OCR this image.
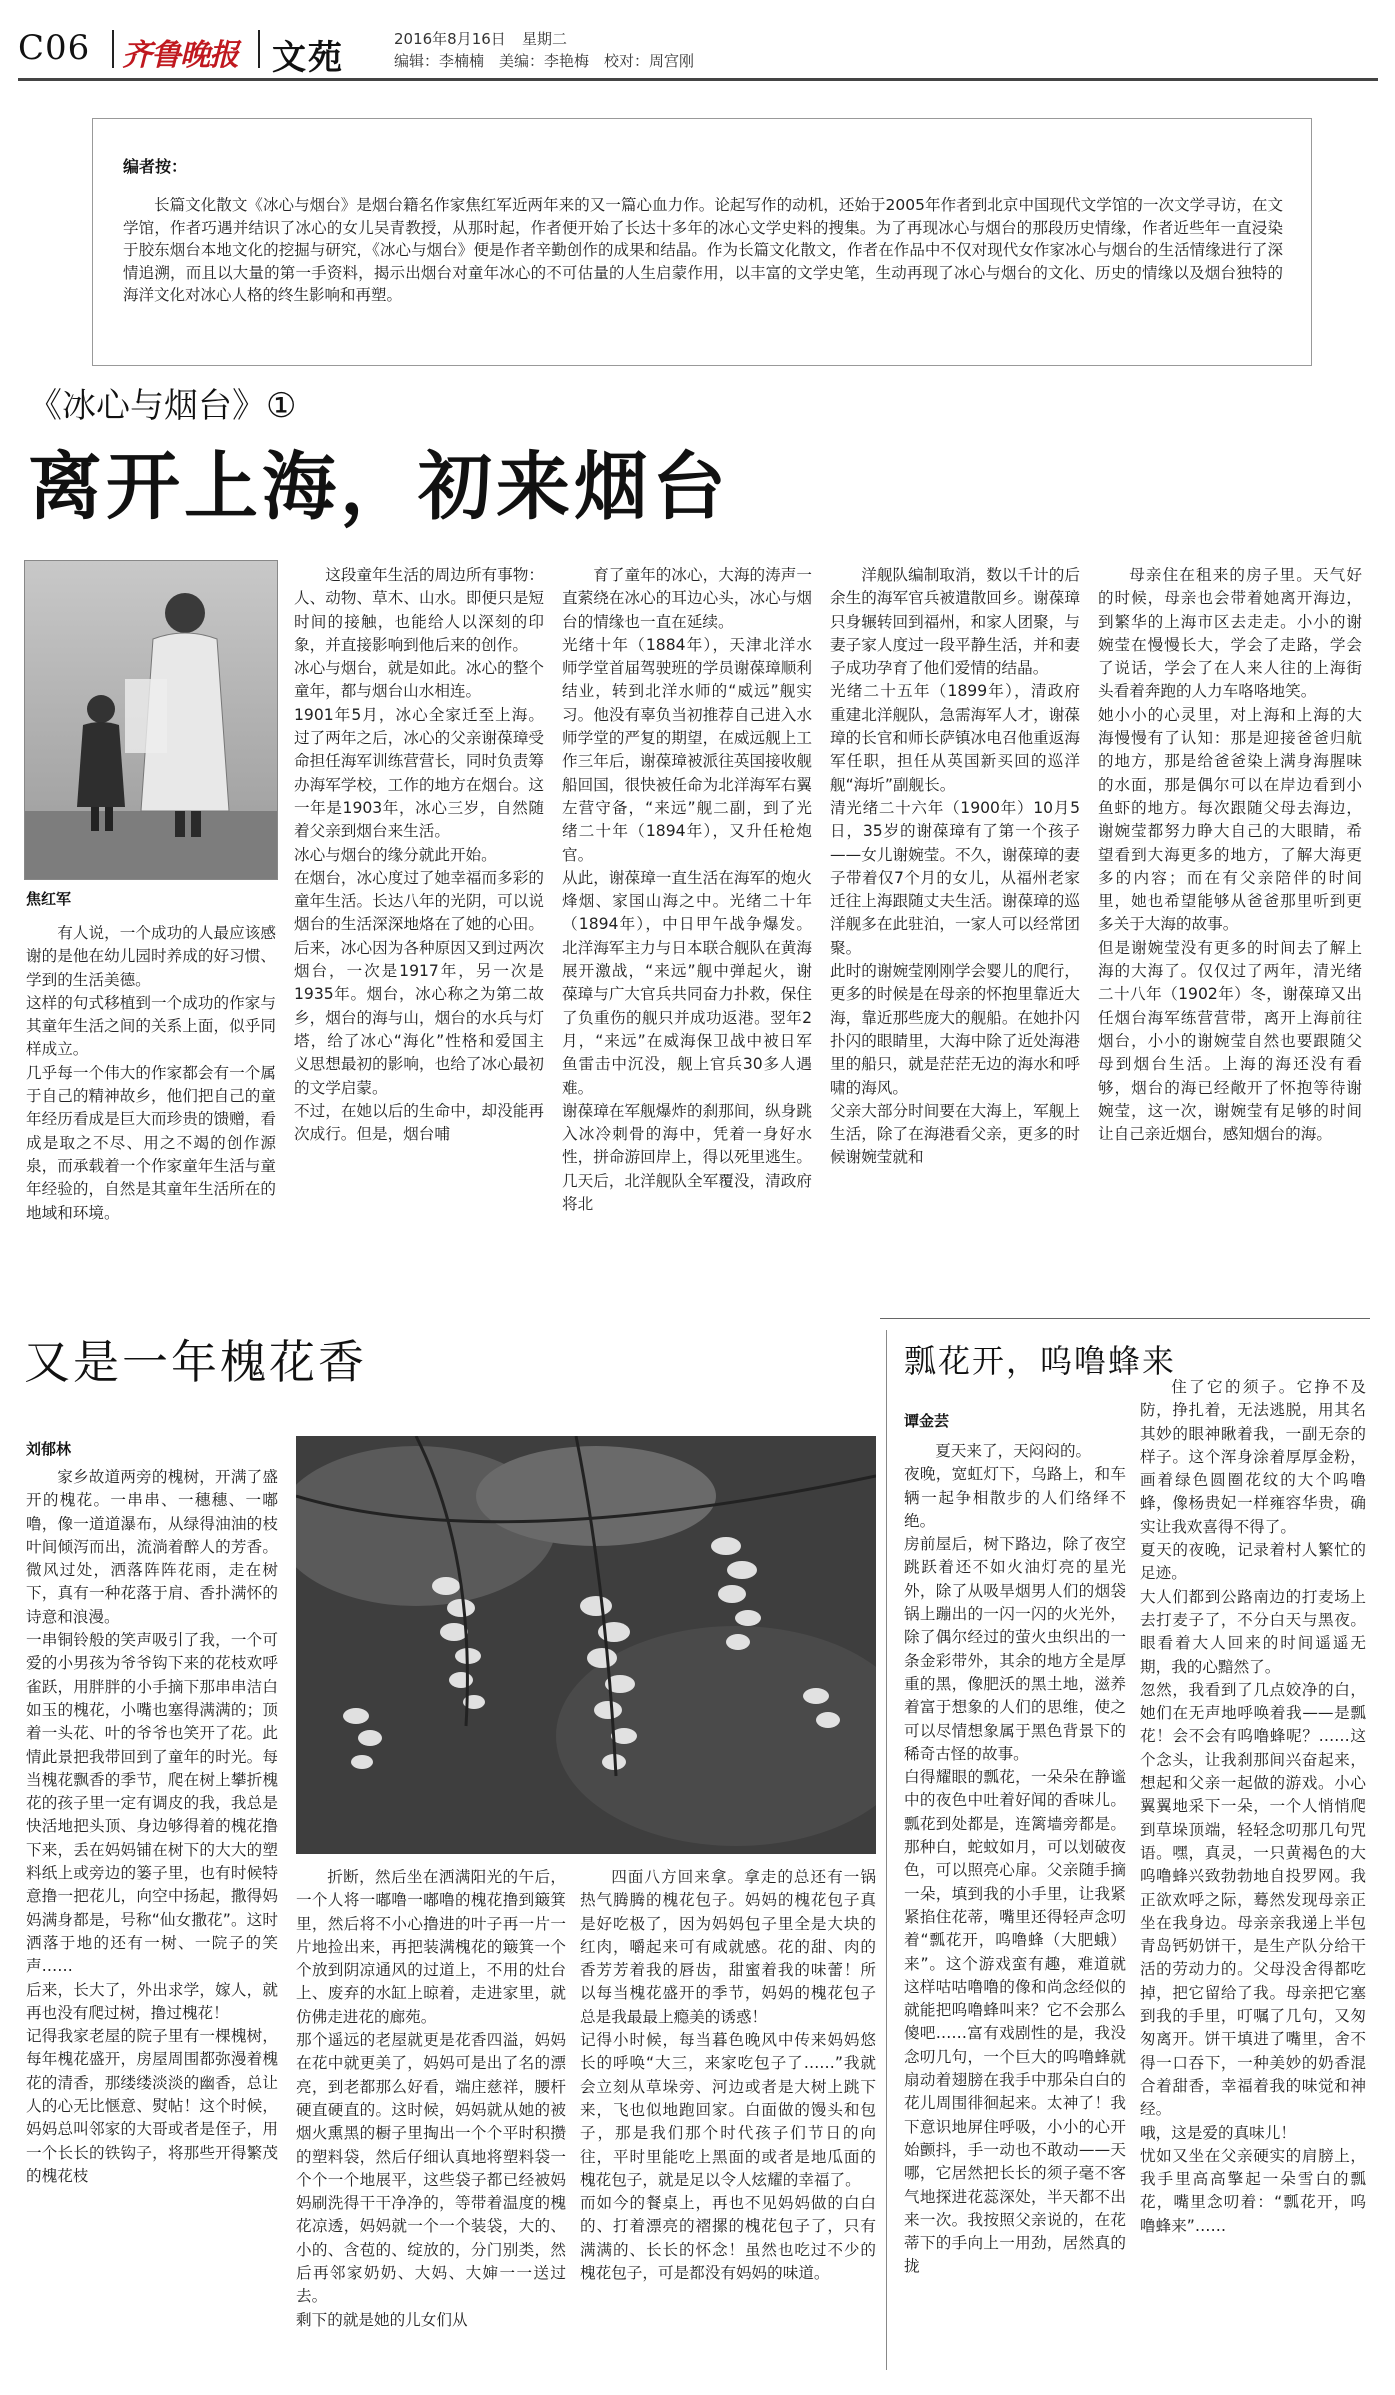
C06 齐鲁晚报 文苑	2016年8月16日 星期二
编辑：李楠楠　美编：李艳梅　校对：周宫刚
编者按：
长篇文化散文《冰心与烟台》是烟台籍名作家焦红军近两年来的又一篇心血力作。论起写作的动机，还始于2005年作者到北京中国现代文学馆的一次文学寻访，在文学馆，作者巧遇并结识了冰心的女儿吴青教授，从那时起，作者便开始了长达十多年的冰心文学史料的搜集。为了再现冰心与烟台的那段历史情缘，作者近些年一直浸染于胶东烟台本地文化的挖掘与研究，《冰心与烟台》便是作者辛勤创作的成果和结晶。作为长篇文化散文，作者在作品中不仅对现代女作家冰心与烟台的生活情缘进行了深情追溯，而且以大量的第一手资料，揭示出烟台对童年冰心的不可估量的人生启蒙作用，以丰富的文学史笔，生动再现了冰心与烟台的文化、历史的情缘以及烟台独特的海洋文化对冰心人格的终生影响和再塑。
《冰心与烟台》①
离开上海，初来烟台
焦红军
有人说，一个成功的人最应该感谢的是他在幼儿园时养成的好习惯、学到的生活美德。
这样的句式移植到一个成功的作家与其童年生活之间的关系上面，似乎同样成立。
几乎每一个伟大的作家都会有一个属于自己的精神故乡，他们把自己的童年经历看成是巨大而珍贵的馈赠，看成是取之不尽、用之不竭的创作源泉，而承载着一个作家童年生活与童年经验的，自然是其童年生活所在的地域和环境。
这段童年生活的周边所有事物：人、动物、草木、山水。即便只是短时间的接触，也能给人以深刻的印象，并直接影响到他后来的创作。
冰心与烟台，就是如此。冰心的整个童年，都与烟台山水相连。
1901年5月，冰心全家迁至上海。过了两年之后，冰心的父亲谢葆璋受命担任海军训练营营长，同时负责筹办海军学校，工作的地方在烟台。这一年是1903年，冰心三岁，自然随着父亲到烟台来生活。
冰心与烟台的缘分就此开始。
在烟台，冰心度过了她幸福而多彩的童年生活。长达八年的光阴，可以说烟台的生活深深地烙在了她的心田。后来，冰心因为各种原因又到过两次烟台，一次是1917年，另一次是1935年。烟台，冰心称之为第二故乡，烟台的海与山，烟台的水兵与灯塔，给了冰心“海化”性格和爱国主义思想最初的影响，也给了冰心最初的文学启蒙。
不过，在她以后的生命中，却没能再次成行。但是，烟台哺
育了童年的冰心，大海的涛声一直萦绕在冰心的耳边心头，冰心与烟台的情缘也一直在延续。
光绪十年（1884年），天津北洋水师学堂首届驾驶班的学员谢葆璋顺利结业，转到北洋水师的“威远”舰实习。他没有辜负当初推荐自己进入水师学堂的严复的期望，在威远舰上工作三年后，谢葆璋被派往英国接收舰船回国，很快被任命为北洋海军右翼左营守备，“来远”舰二副，到了光绪二十年（1894年），又升任枪炮官。
从此，谢葆璋一直生活在海军的炮火烽烟、家国山海之中。光绪二十年（1894年），中日甲午战争爆发。北洋海军主力与日本联合舰队在黄海展开激战，“来远”舰中弹起火，谢葆璋与广大官兵共同奋力扑救，保住了负重伤的舰只并成功返港。翌年2月，“来远”在威海保卫战中被日军鱼雷击中沉没，舰上官兵30多人遇难。
谢葆璋在军舰爆炸的刹那间，纵身跳入冰冷刺骨的海中，凭着一身好水性，拼命游回岸上，得以死里逃生。几天后，北洋舰队全军覆没，清政府将北
洋舰队编制取消，数以千计的后余生的海军官兵被遣散回乡。谢葆璋只身辗转回到福州，和家人团聚，与妻子家人度过一段平静生活，并和妻子成功孕育了他们爱情的结晶。
光绪二十五年（1899年），清政府重建北洋舰队，急需海军人才，谢葆璋的长官和师长萨镇冰电召他重返海军任职，担任从英国新买回的巡洋舰“海圻”副舰长。
清光绪二十六年（1900年）10月5日，35岁的谢葆璋有了第一个孩子——女儿谢婉莹。不久，谢葆璋的妻子带着仅7个月的女儿，从福州老家迁往上海跟随丈夫生活。谢葆璋的巡洋舰多在此驻泊，一家人可以经常团聚。
此时的谢婉莹刚刚学会婴儿的爬行，更多的时候是在母亲的怀抱里靠近大海，靠近那些庞大的舰船。在她扑闪扑闪的眼睛里，大海中除了近处海港里的船只，就是茫茫无边的海水和呼啸的海风。
父亲大部分时间要在大海上，军舰上生活，除了在海港看父亲，更多的时候谢婉莹就和
母亲住在租来的房子里。天气好的时候，母亲也会带着她离开海边，到繁华的上海市区去走走。小小的谢婉莹在慢慢长大，学会了走路，学会了说话，学会了在人来人往的上海街头看着奔跑的人力车咯咯地笑。
她小小的心灵里，对上海和上海的大海慢慢有了认知：那是迎接爸爸归航的地方，那是给爸爸染上满身海腥味的水面，那是偶尔可以在岸边看到小鱼虾的地方。每次跟随父母去海边，谢婉莹都努力睁大自己的大眼睛，希望看到大海更多的地方，了解大海更多的内容；而在有父亲陪伴的时间里，她也希望能够从爸爸那里听到更多关于大海的故事。
但是谢婉莹没有更多的时间去了解上海的大海了。仅仅过了两年，清光绪二十八年（1902年）冬，谢葆璋又出任烟台海军练营营带，离开上海前往烟台，小小的谢婉莹自然也要跟随父母到烟台生活。上海的海还没有看够，烟台的海已经敞开了怀抱等待谢婉莹，这一次，谢婉莹有足够的时间让自己亲近烟台，感知烟台的海。
又是一年槐花香
刘郁林
家乡故道两旁的槐树，开满了盛开的槐花。一串串、一穗穗、一嘟噜，像一道道瀑布，从绿得油油的枝叶间倾泻而出，流淌着醉人的芳香。微风过处，洒落阵阵花雨，走在树下，真有一种花落于肩、香扑满怀的诗意和浪漫。
一串铜铃般的笑声吸引了我，一个可爱的小男孩为爷爷钩下来的花枝欢呼雀跃，用胖胖的小手摘下那串串洁白如玉的槐花，小嘴也塞得满满的；顶着一头花、叶的爷爷也笑开了花。此情此景把我带回到了童年的时光。每当槐花飘香的季节，爬在树上攀折槐花的孩子里一定有调皮的我，我总是快活地把头顶、身边够得着的槐花撸下来，丢在妈妈铺在树下的大大的塑料纸上或旁边的篓子里，也有时候特意撸一把花儿，向空中扬起，撒得妈妈满身都是，号称“仙女撒花”。这时洒落于地的还有一树、一院子的笑声……
后来，长大了，外出求学，嫁人，就再也没有爬过树，撸过槐花！
记得我家老屋的院子里有一棵槐树，每年槐花盛开，房屋周围都弥漫着槐花的清香，那缕缕淡淡的幽香，总让人的心无比惬意、熨帖！这个时候，妈妈总叫邻家的大哥或者是侄子，用一个长长的铁钩子，将那些开得繁茂的槐花枝
折断，然后坐在洒满阳光的午后，一个人将一嘟噜一嘟噜的槐花撸到簸箕里，然后将不小心撸进的叶子再一片一片地捡出来，再把装满槐花的簸箕一个个放到阴凉通风的过道上，不用的灶台上、废弃的水缸上晾着，走进家里，就仿佛走进花的廊苑。
那个遥远的老屋就更是花香四溢，妈妈在花中就更美了，妈妈可是出了名的漂亮，到老都那么好看，端庄慈祥，腰杆硬直硬直的。这时候，妈妈就从她的被烟火熏黑的橱子里掏出一个个平时积攒的塑料袋，然后仔细认真地将塑料袋一个个一个地展平，这些袋子都已经被妈妈刷洗得干干净净的，等带着温度的槐花凉透，妈妈就一个一个装袋，大的、小的、含苞的、绽放的，分门别类，然后再邻家奶奶、大妈、大婶一一送过去。
剩下的就是她的儿女们从
四面八方回来拿。拿走的总还有一锅热气腾腾的槐花包子。妈妈的槐花包子真是好吃极了，因为妈妈包子里全是大块的红肉，嚼起来可有咸就感。花的甜、肉的香芳芳着我的唇齿，甜蜜着我的味蕾！所以每当槐花盛开的季节，妈妈的槐花包子总是我最最上瘾美的诱惑！
记得小时候，每当暮色晚风中传来妈妈悠长的呼唤“大三，来家吃包子了……”我就会立刻从草垛旁、河边或者是大树上跳下来，飞也似地跑回家。白面做的馒头和包子，那是我们那个时代孩子们节日的向往，平时里能吃上黑面的或者是地瓜面的槐花包子，就是足以令人炫耀的幸福了。
而如今的餐桌上，再也不见妈妈做的白白的、打着漂亮的褶摞的槐花包子了，只有满满的、长长的怀念！虽然也吃过不少的槐花包子，可是都没有妈妈的味道。
瓢花开，呜噜蜂来
谭金芸
夏天来了，天闷闷的。
夜晚，宽虹灯下，乌路上，和车辆一起争相散步的人们络绎不绝。
房前屋后，树下路边，除了夜空跳跃着还不如火油灯亮的星光外，除了从吸旱烟男人们的烟袋锅上蹦出的一闪一闪的火光外，除了偶尔经过的萤火虫织出的一条金彩带外，其余的地方全是厚重的黑，像肥沃的黑土地，滋养着富于想象的人们的思维，使之可以尽情想象属于黑色背景下的稀奇古怪的故事。
白得耀眼的瓢花，一朵朵在静谧中的夜色中吐着好闻的香味儿。瓢花到处都是，连篱墙旁都是。那种白，蛇蚊如月，可以划破夜色，可以照亮心扉。父亲随手摘一朵，填到我的小手里，让我紧紧掐住花蒂，嘴里还得轻声念叨着“瓢花开，呜噜蜂（大肥蛾）来”。这个游戏蛮有趣，难道就这样咕咕噜噜的像和尚念经似的就能把呜噜蜂叫来？它不会那么傻吧……富有戏剧性的是，我没念叨几句，一个巨大的呜噜蜂就扇动着翅膀在我手中那朵白白的花儿周围徘徊起来。太神了！我下意识地屏住呼吸，小小的心开始颤抖，手一动也不敢动——天哪，它居然把长长的须子毫不客气地探进花蕊深处，半天都不出来一次。我按照父亲说的，在花蒂下的手向上一用劲，居然真的拢
住了它的须子。它挣不及防，挣扎着，无法逃脱，用其名其妙的眼神瞅着我，一副无奈的样子。这个浑身涂着厚厚金粉，画着绿色圆圈花纹的大个呜噜蜂，像杨贵妃一样雍容华贵，确实让我欢喜得不得了。
夏天的夜晚，记录着村人繁忙的足迹。
大人们都到公路南边的打麦场上去打麦子了，不分白天与黑夜。眼看着大人回来的时间遥遥无期，我的心黯然了。
忽然，我看到了几点姣净的白，她们在无声地呼唤着我——是瓢花！会不会有呜噜蜂呢？……这个念头，让我刹那间兴奋起来，想起和父亲一起做的游戏。小心翼翼地采下一朵，一个人悄悄爬到草垛顶端，轻轻念叨那几句咒语。嘿，真灵，一只黄褐色的大呜噜蜂兴致勃勃地自投罗网。我正欲欢呼之际，蓦然发现母亲正坐在我身边。母亲亲我递上半包青岛钙奶饼干，是生产队分给干活的劳动力的。父母没舍得都吃掉，把它留给了我。母亲把它塞到我的手里，叮嘱了几句，又匆匆离开。饼干填进了嘴里，舍不得一口吞下，一种美妙的奶香混合着甜香，幸福着我的味觉和神经。
哦，这是爱的真味儿！
忧如又坐在父亲硬实的肩膀上，我手里高高擎起一朵雪白的瓢花，嘴里念叨着：“瓢花开，呜噜蜂来”……
